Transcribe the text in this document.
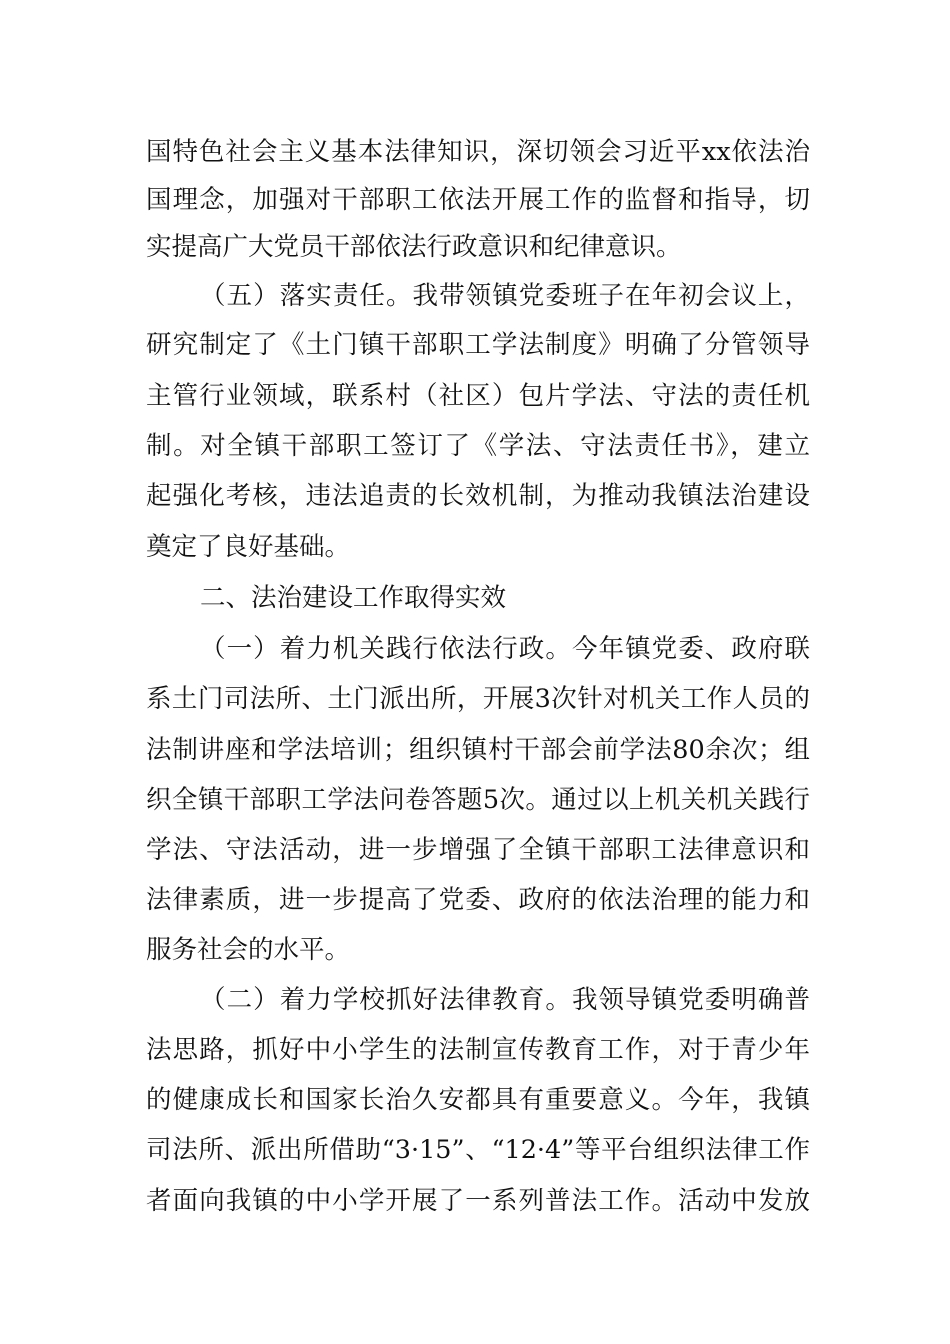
国特色社会主义基本法律知识，深切领会习近平xx依法治
国理念，加强对干部职工依法开展工作的监督和指导，切
实提高广大党员干部依法行政意识和纪律意识。
（五）落实责任。我带领镇党委班子在年初会议上，
研究制定了《土门镇干部职工学法制度》明确了分管领导
主管行业领域，联系村（社区）包片学法、守法的责任机
制。对全镇干部职工签订了《学法、守法责任书》，建立
起强化考核，违法追责的长效机制，为推动我镇法治建设
奠定了良好基础。
二、法治建设工作取得实效
（一）着力机关践行依法行政。今年镇党委、政府联
系土门司法所、土门派出所，开展3次针对机关工作人员的
法制讲座和学法培训；组织镇村干部会前学法80余次；组
织全镇干部职工学法问卷答题5次。通过以上机关机关践行
学法、守法活动，进一步增强了全镇干部职工法律意识和
法律素质，进一步提高了党委、政府的依法治理的能力和
服务社会的水平。
（二）着力学校抓好法律教育。我领导镇党委明确普
法思路，抓好中小学生的法制宣传教育工作，对于青少年
的健康成长和国家长治久安都具有重要意义。今年，我镇
司法所、派出所借助“3·15”、“12·4”等平台组织法律工作
者面向我镇的中小学开展了一系列普法工作。活动中发放
